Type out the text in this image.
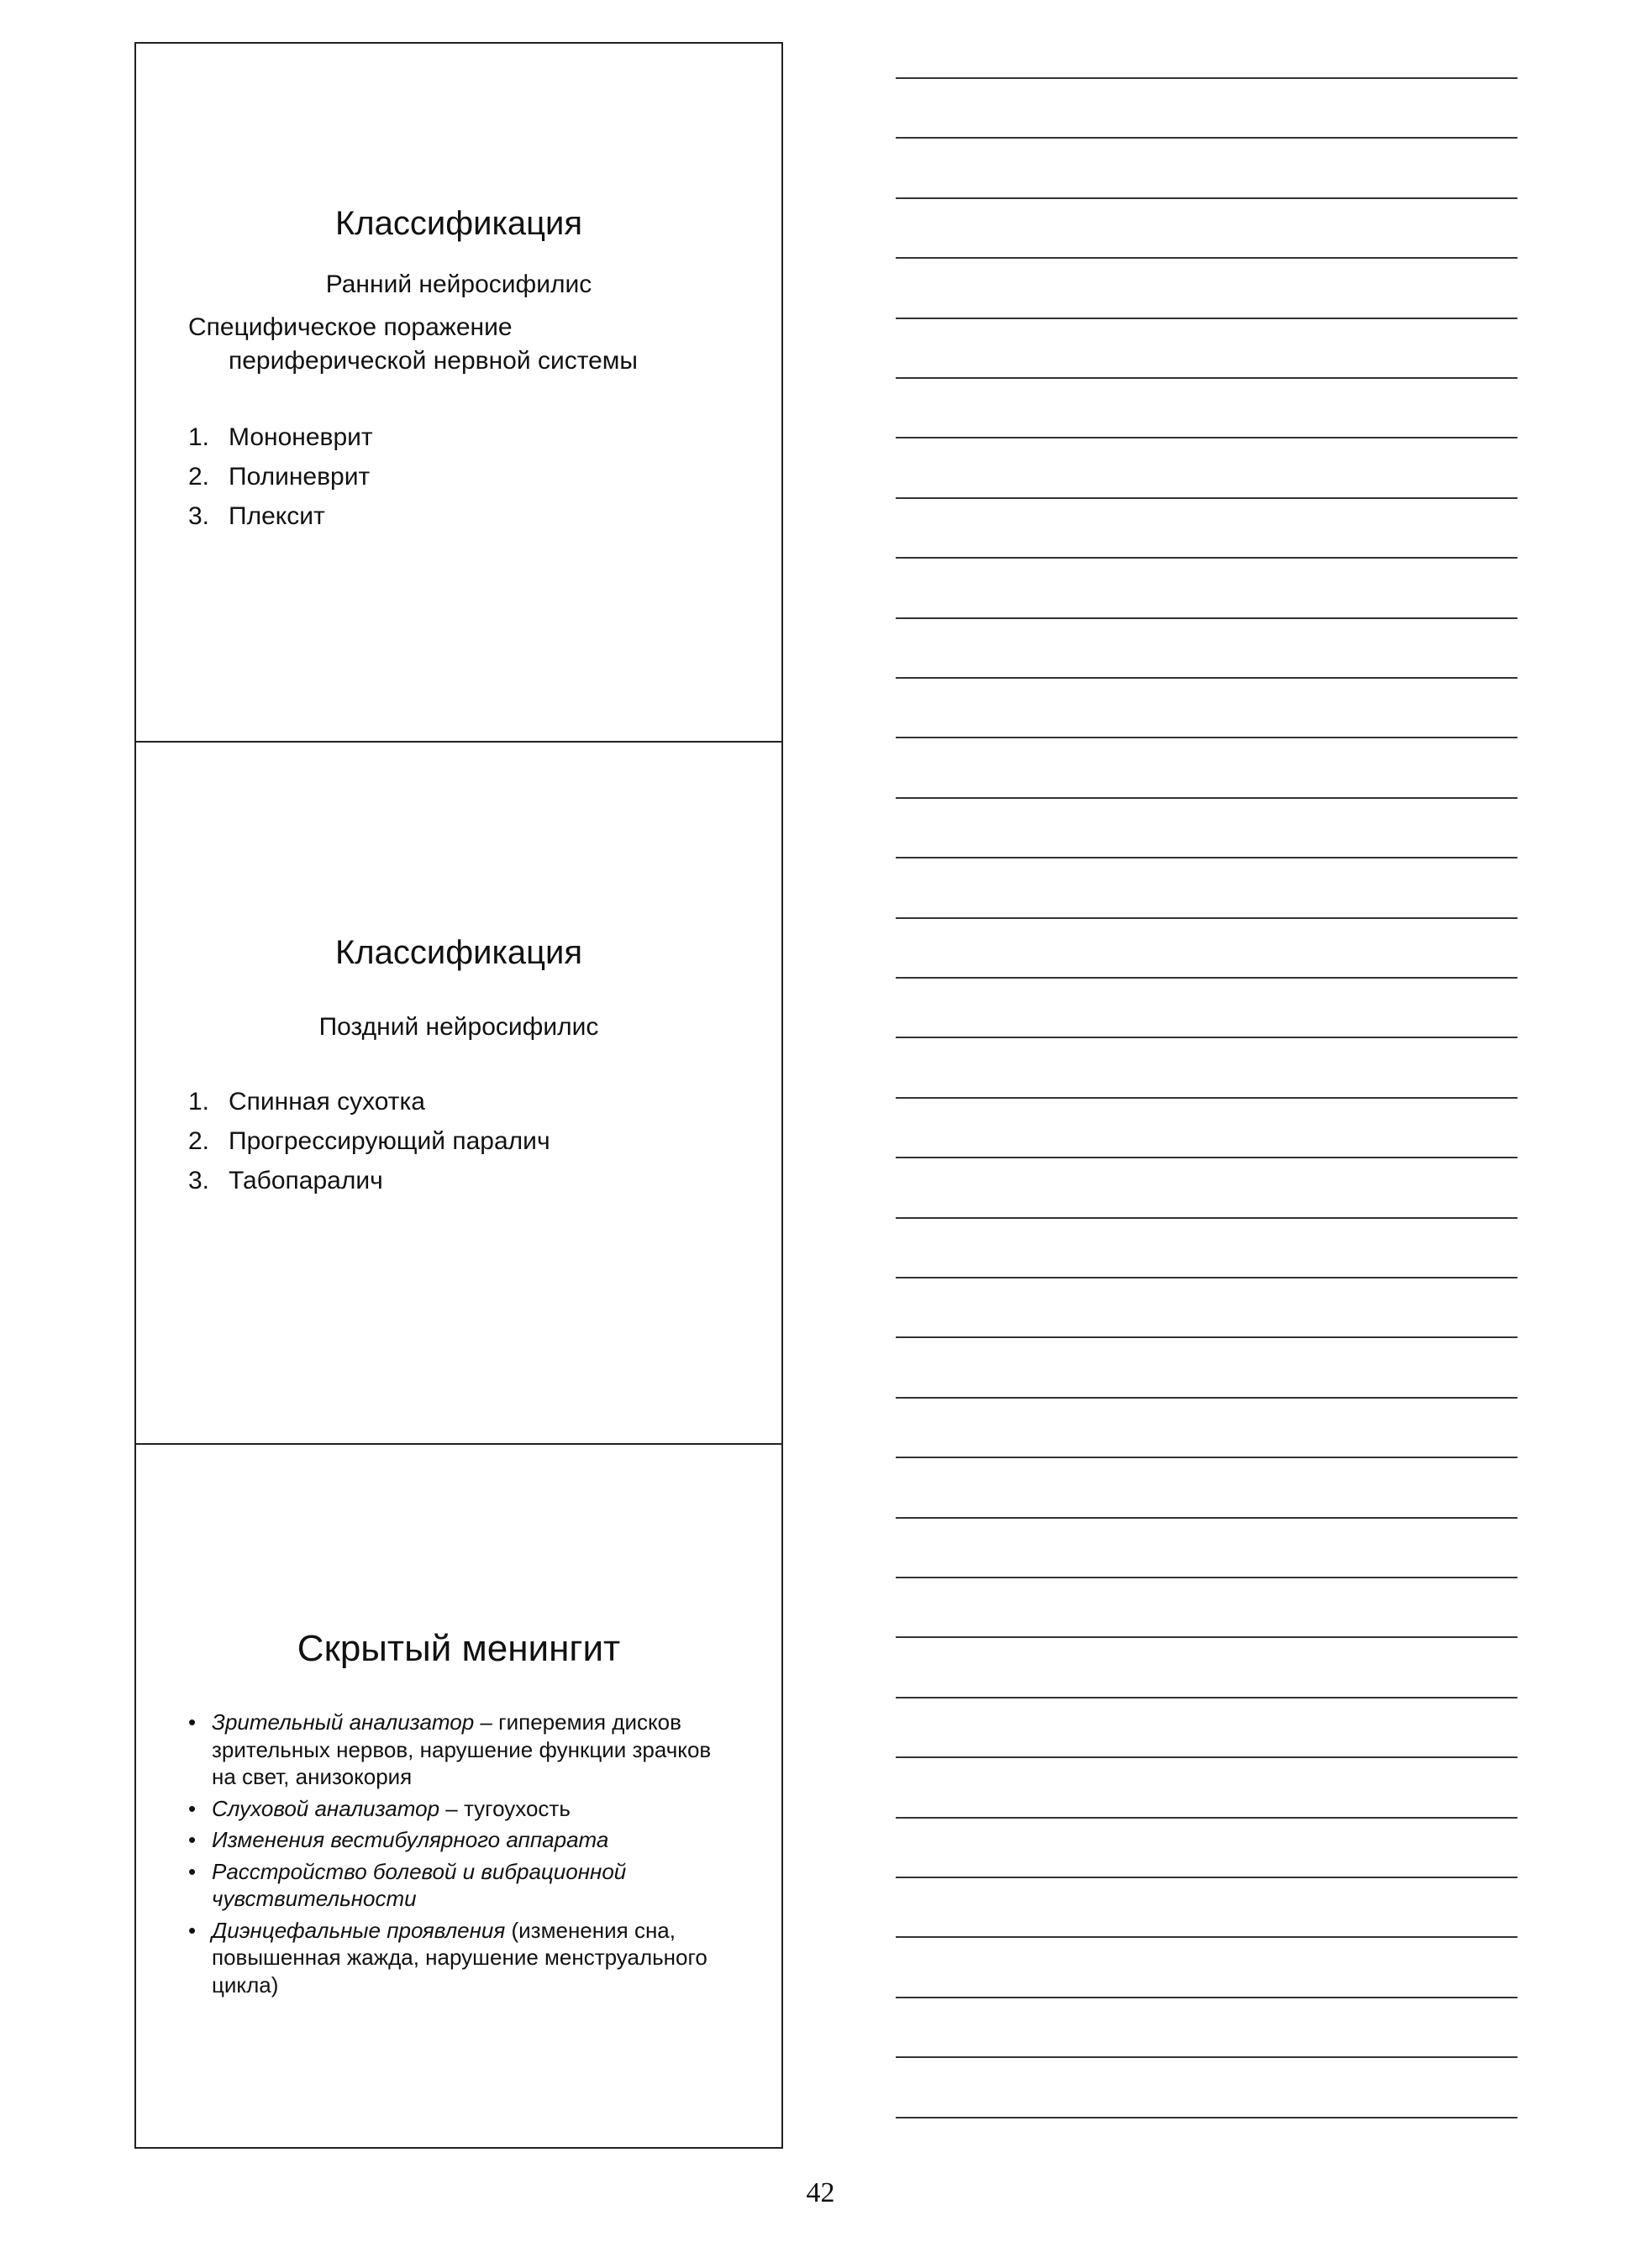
Классификация
Ранний нейросифилис
Специфическое поражение
периферической нервной системы
1. Мононеврит
2. Полиневрит
3. Плексит
Классификация
Поздний нейросифилис
1. Спинная сухотка
2. Прогрессирующий паралич
3. Табопаралич
Скрытый менингит
• Зрительный анализатор – гиперемия дисков зрительных нервов, нарушение функции зрачков на свет, анизокория
• Слуховой анализатор – тугоухость
• Изменения вестибулярного аппарата
• Расстройство болевой и вибрационной чувствительности
• Диэнцефальные проявления (изменения сна, повышенная жажда, нарушение менструального цикла)
42
